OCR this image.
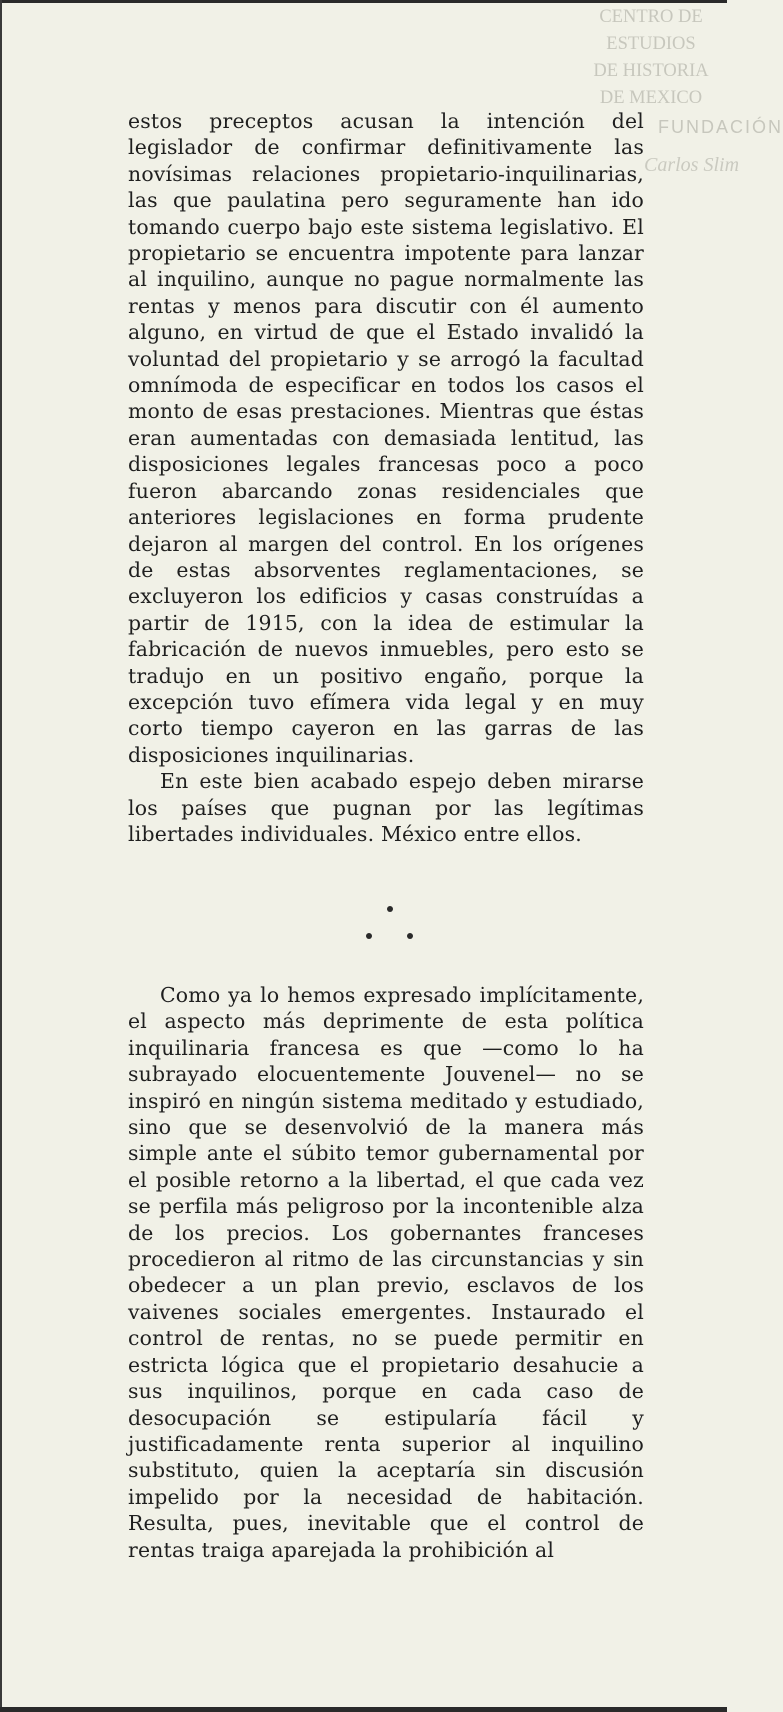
CENTRO DE
ESTUDIOS
DE HISTORIA
DE MEXICO
FUNDACIÓN
Carlos Slim

estos preceptos acusan la intención del legislador de confirmar definitivamente las novísimas relaciones propietario-inquilinarias, las que paulatina pero seguramente han ido tomando cuerpo bajo este sistema legislativo. El propietario se encuentra impotente para lanzar al inquilino, aunque no pague normalmente las rentas y menos para discutir con él aumento alguno, en virtud de que el Estado invalidó la voluntad del propietario y se arrogó la facultad omnímoda de especificar en todos los casos el monto de esas prestaciones. Mientras que éstas eran aumentadas con demasiada lentitud, las disposiciones legales francesas poco a poco fueron abarcando zonas residenciales que anteriores legislaciones en forma prudente dejaron al margen del control. En los orígenes de estas absorventes reglamentaciones, se excluyeron los edificios y casas construídas a partir de 1915, con la idea de estimular la fabricación de nuevos inmuebles, pero esto se tradujo en un positivo engaño, porque la excepción tuvo efímera vida legal y en muy corto tiempo cayeron en las garras de las disposiciones inquilinarias.

En este bien acabado espejo deben mirarse los países que pugnan por las legítimas libertades individuales. México entre ellos.

Como ya lo hemos expresado implícitamente, el aspecto más deprimente de esta política inquilinaria francesa es que —como lo ha subrayado elocuentemente Jouvenel— no se inspiró en ningún sistema meditado y estudiado, sino que se desenvolvió de la manera más simple ante el súbito temor gubernamental por el posible retorno a la libertad, el que cada vez se perfila más peligroso por la incontenible alza de los precios. Los gobernantes franceses procedieron al ritmo de las circunstancias y sin obedecer a un plan previo, esclavos de los vaivenes sociales emergentes. Instaurado el control de rentas, no se puede permitir en estricta lógica que el propietario desahucie a sus inquilinos, porque en cada caso de desocupación se estipularía fácil y justificadamente renta superior al inquilino substituto, quien la aceptaría sin discusión impelido por la necesidad de habitación. Resulta, pues, inevitable que el control de rentas traiga aparejada la prohibición al
